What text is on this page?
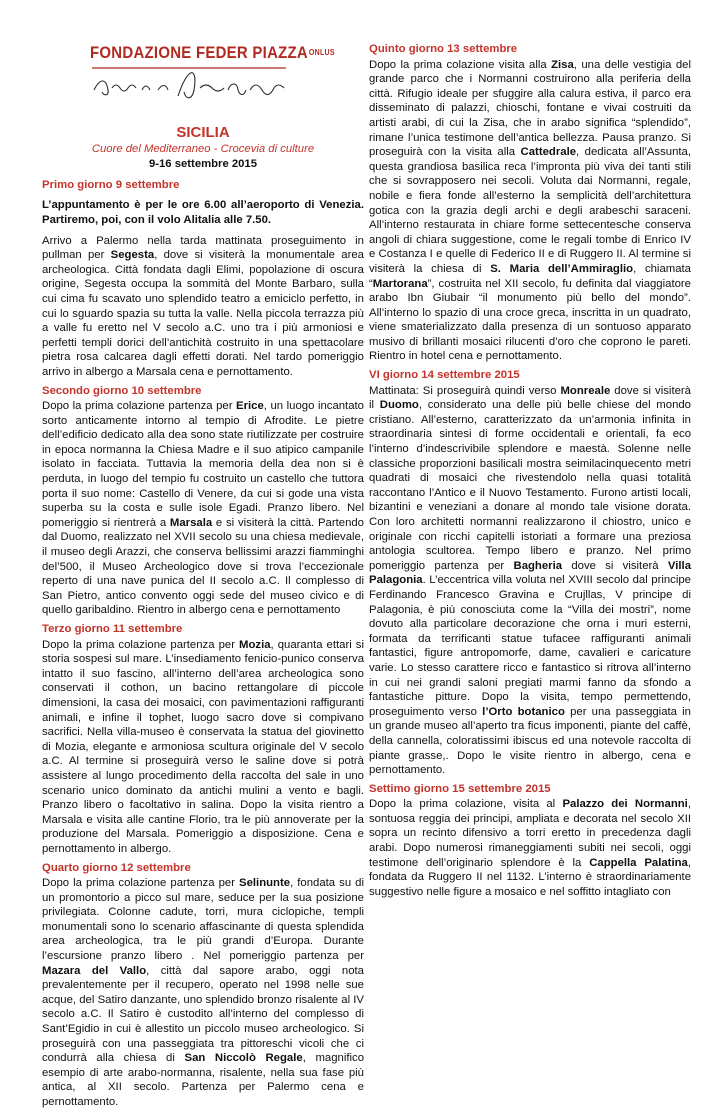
FONDAZIONE FEDER $PIAZZA^{ONLUS}$
SICILIA
Cuore del Mediterraneo - Crocevia di culture
9-16 settembre 2015
Primo giorno 9 settembre

L’appuntamento è per le ore 6.00 all’aeroporto di Venezia. Partiremo, poi, con il volo Alitalia alle 7.50.

Arrivo a Palermo nella tarda mattinata proseguimento in pullman per Segesta, dove si visiterà la monumentale area archeologica. Città fondata dagli Elimi, popolazione di oscura origine, Segesta occupa la sommità del Monte Barbaro, sulla cui cima fu scavato uno splendido teatro a emiciclo perfetto, in cui lo sguardo spazia su tutta la valle. Nella piccola terrazza più a valle fu eretto nel V secolo a.C. uno tra i più armoniosi e perfetti templi dorici dell’antichità costruito in una spettacolare pietra rosa calcarea dagli effetti dorati. Nel tardo pomeriggio arrivo in albergo a Marsala cena e pernottamento.

Secondo giorno 10 settembre

Dopo la prima colazione partenza per Erice, un luogo incantato sorto anticamente intorno al tempio di Afrodite. Le pietre dell’edificio dedicato alla dea sono state riutilizzate per costruire in epoca normanna la Chiesa Madre e il suo atipico campanile isolato in facciata. Tuttavia la memoria della dea non si è perduta, in luogo del tempio fu costruito un castello che tuttora porta il suo nome: Castello di Venere, da cui si gode una vista superba su la costa e sulle isole Egadi. Pranzo libero. Nel pomeriggio si rientrerà a Marsala e si visiterà la città. Partendo dal Duomo, realizzato nel XVII secolo su una chiesa medievale, il museo degli Arazzi, che conserva bellissimi arazzi fiamminghi del’500, il Museo Archeologico dove si trova l’eccezionale reperto di una nave punica del II secolo a.C. Il complesso di San Pietro, antico convento oggi sede del museo civico e di quello garibaldino. Rientro in albergo cena e pernottamento

Terzo giorno 11 settembre

Dopo la prima colazione partenza per Mozia, quaranta ettari si storia sospesi sul mare. L’insediamento fenicio-punico conserva intatto il suo fascino, all’interno dell’area archeologica sono conservati il cothon, un bacino rettangolare di piccole dimensioni, la casa dei mosaici, con pavimentazioni raffiguranti animali, e infine il tophet, luogo sacro dove si compivano sacrifici. Nella villa-museo è conservata la statua del giovinetto di Mozia, elegante e armoniosa scultura originale del V secolo a.C. Al termine si proseguirà verso le saline dove si potrà assistere al lungo procedimento della raccolta del sale in uno scenario unico dominato da antichi mulini a vento e bagli. Pranzo libero o facoltativo in salina. Dopo la visita rientro a Marsala e visita alle cantine Florio, tra le più annoverate per la produzione del Marsala. Pomeriggio a disposizione. Cena e pernottamento in albergo.

Quarto giorno 12 settembre

Dopo la prima colazione partenza per Selinunte, fondata su di un promontorio a picco sul mare, seduce per la sua posizione privilegiata. Colonne cadute, torri, mura ciclopiche, templi monumentali sono lo scenario affascinante di questa splendida area archeologica, tra le più grandi d’Europa. Durante l’escursione pranzo libero . Nel pomeriggio partenza per Mazara del Vallo, città dal sapore arabo, oggi nota prevalentemente per il recupero, operato nel 1998 nelle sue acque, del Satiro danzante, uno splendido bronzo risalente al IV secolo a.C. Il Satiro è custodito all’interno del complesso di Sant’Egidio in cui è allestito un piccolo museo archeologico. Si proseguirà con una passeggiata tra pittoreschi vicoli che ci condurrà alla chiesa di San Niccolò Regale, magnifico esempio di arte arabo-normanna, risalente, nella sua fase più antica, al XII secolo. Partenza per Palermo cena e pernottamento.

Quinto giorno 13 settembre

Dopo la prima colazione visita alla Zisa, una delle vestigia del grande parco che i Normanni costruirono alla periferia della città. Rifugio ideale per sfuggire alla calura estiva, il parco era disseminato di palazzi, chioschi, fontane e vivai costruiti da artisti arabi, di cui la Zisa, che in arabo significa “splendido”, rimane l’unica testimone dell’antica bellezza. Pausa pranzo. Si proseguirà con la visita alla Cattedrale, dedicata all’Assunta, questa grandiosa basilica reca l’impronta più viva dei tanti stili che si sovrapposero nei secoli. Voluta dai Normanni, regale, nobile e fiera fonde all’esterno la semplicità dell’architettura gotica con la grazia degli archi e degli arabeschi saraceni. All’interno restaurata in chiare forme settecentesche conserva angoli di chiara suggestione, come le regali tombe di Enrico IV e Costanza I e quelle di Federico II e di Ruggero II. Al termine si visiterà la chiesa di S. Maria dell’Ammiraglio, chiamata “Martorana”, costruita nel XII secolo, fu definita dal viaggiatore arabo Ibn Giubair “il monumento più bello del mondo”. All’interno lo spazio di una croce greca, inscritta in un quadrato, viene smaterializzato dalla presenza di un sontuoso apparato musivo di brillanti mosaici rilucenti d’oro che coprono le pareti. Rientro in hotel cena e pernottamento.

VI giorno 14 settembre 2015

Mattinata: Si proseguirà quindi verso Monreale dove si visiterà il Duomo, considerato una delle più belle chiese del mondo cristiano. All’esterno, caratterizzato da un’armonia infinita in straordinaria sintesi di forme occidentali e orientali, fa eco l’interno d’indescrivibile splendore e maestà. Solenne nelle classiche proporzioni basilicali mostra seimilacinquecento metri quadrati di mosaici che rivestendolo nella quasi totalità raccontano l’Antico e il Nuovo Testamento. Furono artisti locali, bizantini e veneziani a donare al mondo tale visione dorata. Con loro architetti normanni realizzarono il chiostro, unico e originale con ricchi capitelli istoriati a formare una preziosa antologia scultorea. Tempo libero e pranzo. Nel primo pomeriggio partenza per Bagheria dove si visiterà Villa Palagonia. L’eccentrica villa voluta nel XVIII secolo dal principe Ferdinando Francesco Gravina e Crujllas, V principe di Palagonia, è più conosciuta come la “Villa dei mostri”, nome dovuto alla particolare decorazione che orna i muri esterni, formata da terrificanti statue tufacee raffiguranti animali fantastici, figure antropomorfe, dame, cavalieri e caricature varie. Lo stesso carattere ricco e fantastico si ritrova all’interno in cui nei grandi saloni pregiati marmi fanno da sfondo a fantastiche pitture. Dopo la visita, tempo permettendo, proseguimento verso l’Orto botanico per una passeggiata in un grande museo all’aperto tra ficus imponenti, piante del caffè, della cannella, coloratissimi ibiscus ed una notevole raccolta di piante grasse,. Dopo le visite rientro in albergo, cena e pernottamento.

Settimo giorno 15 settembre 2015

Dopo la prima colazione, visita al Palazzo dei Normanni, sontuosa reggia dei principi, ampliata e decorata nel secolo XII sopra un recinto difensivo a torri eretto in precedenza dagli arabi. Dopo numerosi rimaneggiamenti subiti nei secoli, oggi testimone dell’originario splendore è la Cappella Palatina, fondata da Ruggero II nel 1132. L’interno è straordinariamente suggestivo nelle figure a mosaico e nel soffitto intagliato con
